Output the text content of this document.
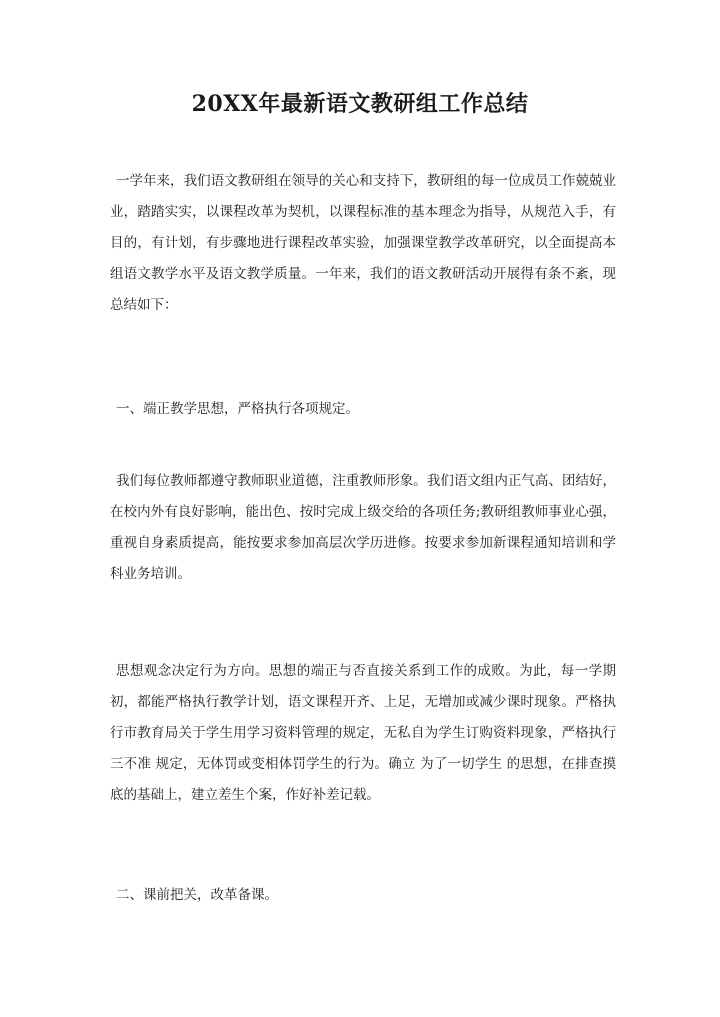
20XX年最新语文教研组工作总结
一学年来，我们语文教研组在领导的关心和支持下，教研组的每一位成员工作兢兢业业，踏踏实实，以课程改革为契机，以课程标准的基本理念为指导，从规范入手，有目的，有计划，有步骤地进行课程改革实验，加强课堂教学改革研究，以全面提高本组语文教学水平及语文教学质量。一年来，我们的语文教研活动开展得有条不紊，现总结如下：
一、端正教学思想，严格执行各项规定。
我们每位教师都遵守教师职业道德，注重教师形象。我们语文组内正气高、团结好，在校内外有良好影响，能出色、按时完成上级交给的各项任务;教研组教师事业心强，重视自身素质提高，能按要求参加高层次学历进修。按要求参加新课程通知培训和学科业务培训。
思想观念决定行为方向。思想的端正与否直接关系到工作的成败。为此，每一学期初，都能严格执行教学计划，语文课程开齐、上足，无增加或减少课时现象。严格执行市教育局关于学生用学习资料管理的规定，无私自为学生订购资料现象，严格执行 三不准 规定，无体罚或变相体罚学生的行为。确立 为了一切学生 的思想，在排查摸底的基础上，建立差生个案，作好补差记载。
二、课前把关，改革备课。
